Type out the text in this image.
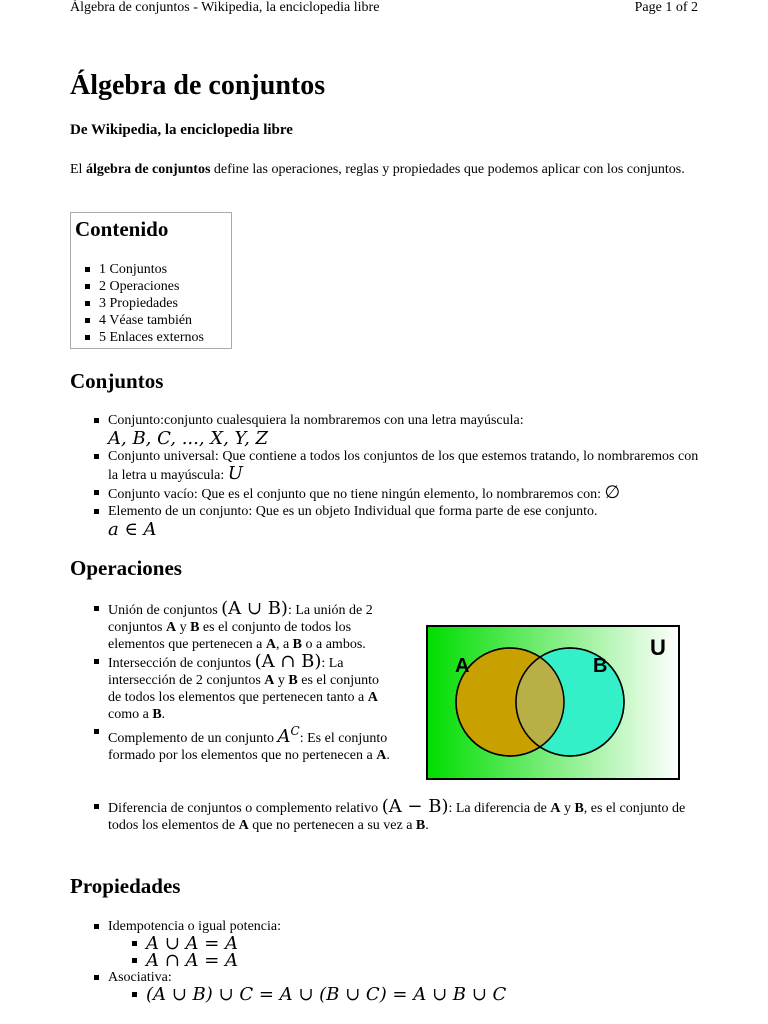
Álgebra de conjuntos - Wikipedia, la enciclopedia libre	Page 1 of 2
Álgebra de conjuntos
De Wikipedia, la enciclopedia libre
El álgebra de conjuntos define las operaciones, reglas y propiedades que podemos aplicar con los conjuntos.
Contenido
1 Conjuntos
2 Operaciones
3 Propiedades
4 Véase también
5 Enlaces externos
Conjuntos
Conjunto:conjunto cualesquiera la nombraremos con una letra mayúscula:
A, B, C, ..., X, Y, Z
Conjunto universal: Que contiene a todos los conjuntos de los que estemos tratando, lo nombraremos con la letra u mayúscula: U
Conjunto vacío: Que es el conjunto que no tiene ningún elemento, lo nombraremos con: ∅
Elemento de un conjunto: Que es un objeto Individual que forma parte de ese conjunto.
a ∈ A
Operaciones
Unión de conjuntos (A ∪ B): La unión de 2 conjuntos A y B es el conjunto de todos los elementos que pertenecen a A, a B o a ambos.
Intersección de conjuntos (A ∩ B): La intersección de 2 conjuntos A y B es el conjunto de todos los elementos que pertenecen tanto a A como a B.
Complemento de un conjunto $A^C$: Es el conjunto formado por los elementos que no pertenecen a A.
Diferencia de conjuntos o complemento relativo (A − B): La diferencia de A y B, es el conjunto de todos los elementos de A que no pertenecen a su vez a B.
Propiedades
Idempotencia o igual potencia:
A ∪ A = A
A ∩ A = A
Asociativa:
(A ∪ B) ∪ C = A ∪ (B ∪ C) = A ∪ B ∪ C
U
A	B
